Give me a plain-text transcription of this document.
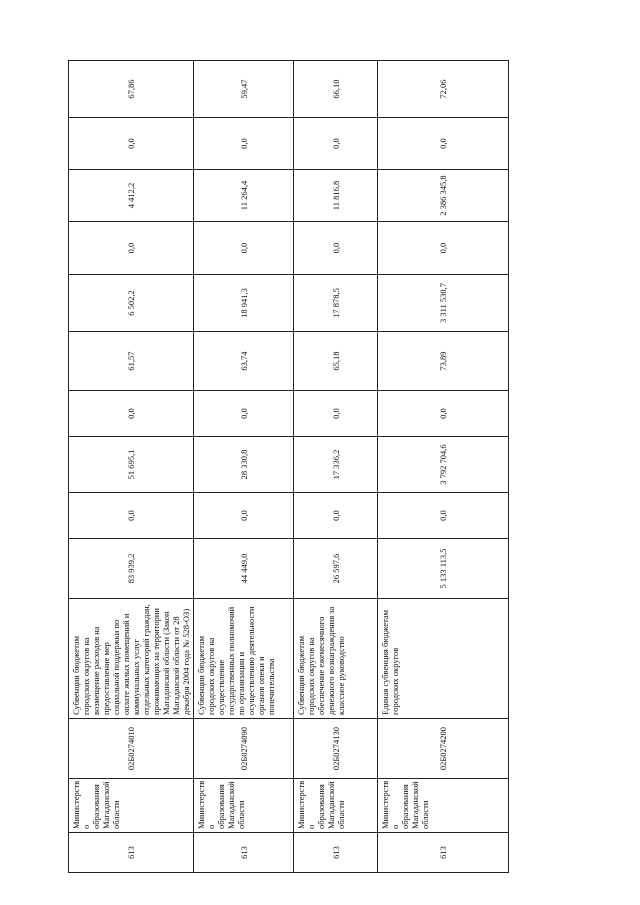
613	Министерств о образования Магаданской области	02Б0274010	Субвенции бюджетам городских округов на возмещение расходов на предоставление мер социальной поддержки по оплате жилых помещений и коммунальных услуг отдельных категорий граждан, проживающих на территории Магаданской области (Закон Магаданской области от 28 декабря 2004 года № 528-ОЗ)	83 939,2	0,0	51 695,1	0,0	61,57	6 502,2	0,0	4 412,2	0,0	67,86
613	Министерств о образования Магаданской области	02Б0274090	Субвенции бюджетам городских округов на осуществление государственных полномочий по организации и осуществлению деятельности органов опеки и попечительства	44 449,0	0,0	28 330,8	0,0	63,74	18 941,3	0,0	11 264,4	0,0	59,47
613	Министерств о образования Магаданской области	02Б0274130	Субвенции бюджетам городских округов на обеспечение ежемесячного денежного вознаграждения за классное руководство	26 597,6	0,0	17 336,2	0,0	65,18	17 878,5	0,0	11 816,8	0,0	66,10
613	Министерств о образования Магаданской области	02Б0274200	Единая субвенция бюджетам городских округов	5 133 113,5	0,0	3 792 704,6	0,0	73,89	3 311 530,7	0,0	2 386 345,8	0,0	72,06
